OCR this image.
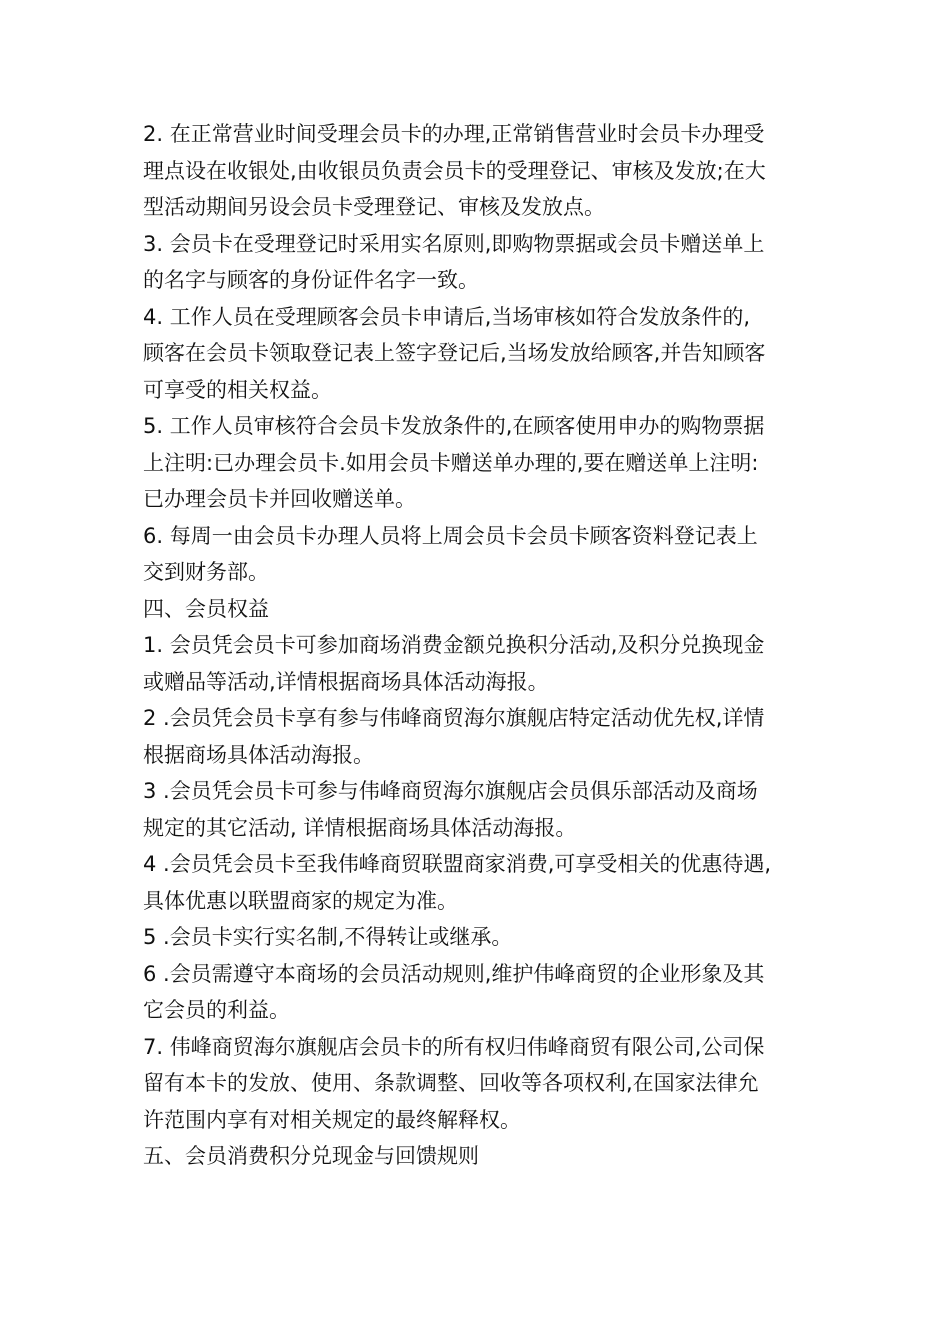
2. 在正常营业时间受理会员卡的办理,正常销售营业时会员卡办理受
理点设在收银处,由收银员负责会员卡的受理登记、审核及发放;在大
型活动期间另设会员卡受理登记、审核及发放点。
3. 会员卡在受理登记时采用实名原则,即购物票据或会员卡赠送单上
的名字与顾客的身份证件名字一致。
4. 工作人员在受理顾客会员卡申请后,当场审核如符合发放条件的,
顾客在会员卡领取登记表上签字登记后,当场发放给顾客,并告知顾客
可享受的相关权益。
5. 工作人员审核符合会员卡发放条件的,在顾客使用申办的购物票据
上注明:已办理会员卡.如用会员卡赠送单办理的,要在赠送单上注明:
已办理会员卡并回收赠送单。
6. 每周一由会员卡办理人员将上周会员卡会员卡顾客资料登记表上
交到财务部。
四、会员权益
1. 会员凭会员卡可参加商场消费金额兑换积分活动,及积分兑换现金
或赠品等活动,详情根据商场具体活动海报。
2 .会员凭会员卡享有参与伟峰商贸海尔旗舰店特定活动优先权,详情
根据商场具体活动海报。
3 .会员凭会员卡可参与伟峰商贸海尔旗舰店会员俱乐部活动及商场
规定的其它活动, 详情根据商场具体活动海报。
4 .会员凭会员卡至我伟峰商贸联盟商家消费,可享受相关的优惠待遇,
具体优惠以联盟商家的规定为准。
5 .会员卡实行实名制,不得转让或继承。
6 .会员需遵守本商场的会员活动规则,维护伟峰商贸的企业形象及其
它会员的利益。
7. 伟峰商贸海尔旗舰店会员卡的所有权归伟峰商贸有限公司,公司保
留有本卡的发放、使用、条款调整、回收等各项权利,在国家法律允
许范围内享有对相关规定的最终解释权。
五、会员消费积分兑现金与回馈规则
